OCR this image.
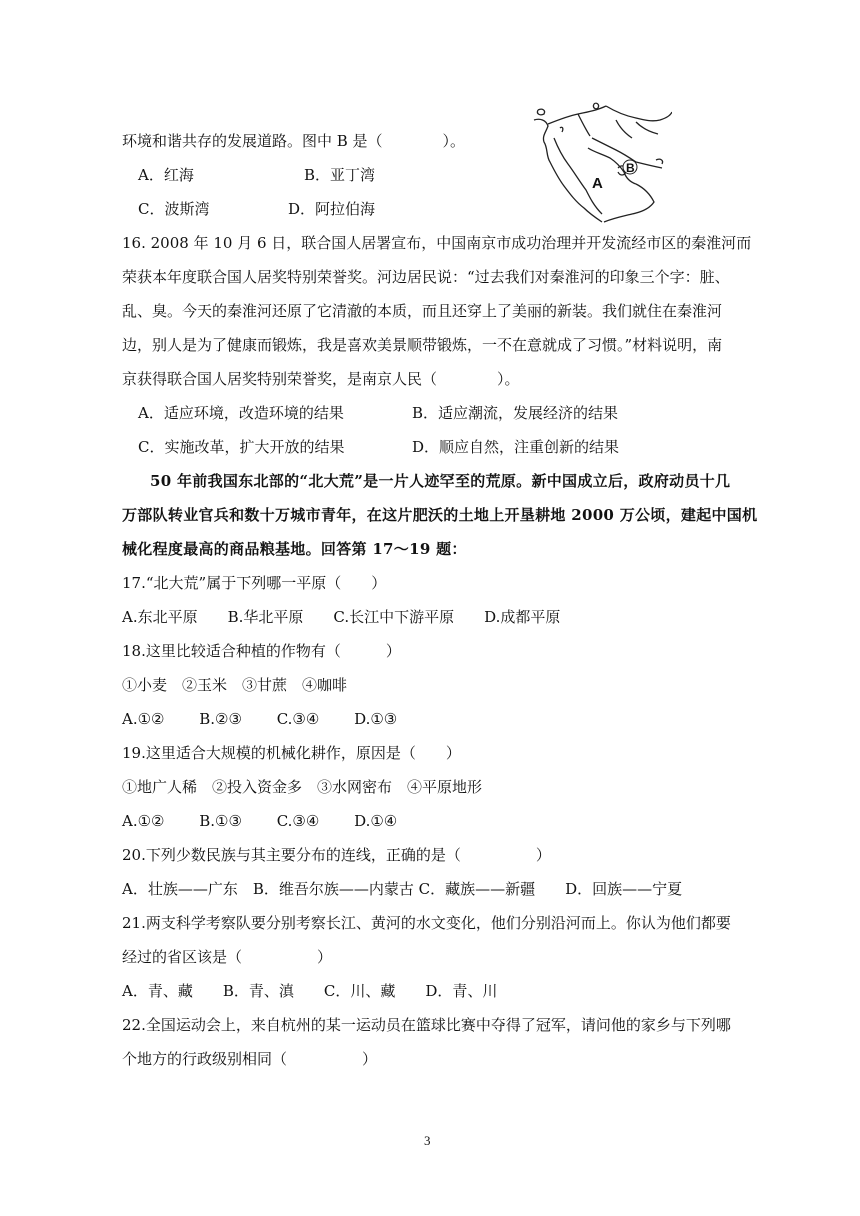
B
A
环境和谐共存的发展道路。图中 B 是（　　　　）。
A．红海	B．亚丁湾
C．波斯湾	D．阿拉伯海
16. 2008 年 10 月 6 日，联合国人居署宣布，中国南京市成功治理并开发流经市区的秦淮河而
荣获本年度联合国人居奖特别荣誉奖。河边居民说：“过去我们对秦淮河的印象三个字：脏、
乱、臭。今天的秦淮河还原了它清澈的本质，而且还穿上了美丽的新装。我们就住在秦淮河
边，别人是为了健康而锻炼，我是喜欢美景顺带锻炼，一不在意就成了习惯。”材料说明，南
京获得联合国人居奖特别荣誉奖，是南京人民（　　　　）。
A．适应环境，改造环境的结果	B．适应潮流，发展经济的结果
C．实施改革，扩大开放的结果	D．顺应自然，注重创新的结果
50 年前我国东北部的“北大荒”是一片人迹罕至的荒原。新中国成立后，政府动员十几
万部队转业官兵和数十万城市青年，在这片肥沃的土地上开垦耕地 2000 万公顷，建起中国机
械化程度最高的商品粮基地。回答第 17～19 题：
17.“北大荒”属于下列哪一平原（　　）
A.东北平原　　B.华北平原　　C.长江中下游平原　　D.成都平原
18.这里比较适合种植的作物有（　　　）
①小麦　②玉米　③甘蔗　④咖啡
A.①②　　 B.②③　　 C.③④　　 D.①③
19.这里适合大规模的机械化耕作，原因是（　　）
①地广人稀　②投入资金多　③水网密布　④平原地形
A.①②　　 B.①③　　 C.③④　　 D.①④
20.下列少数民族与其主要分布的连线，正确的是（　　　　　）
A．壮族——广东　B．维吾尔族——内蒙古 C．藏族——新疆　　D．回族——宁夏
21.两支科学考察队要分别考察长江、黄河的水文变化，他们分别沿河而上。你认为他们都要
经过的省区该是（　　　　　）
A．青、藏　　B．青、滇　　C．川、藏　　D．青、川
22.全国运动会上，来自杭州的某一运动员在篮球比赛中夺得了冠军，请问他的家乡与下列哪
个地方的行政级别相同（　　　　　）
3
